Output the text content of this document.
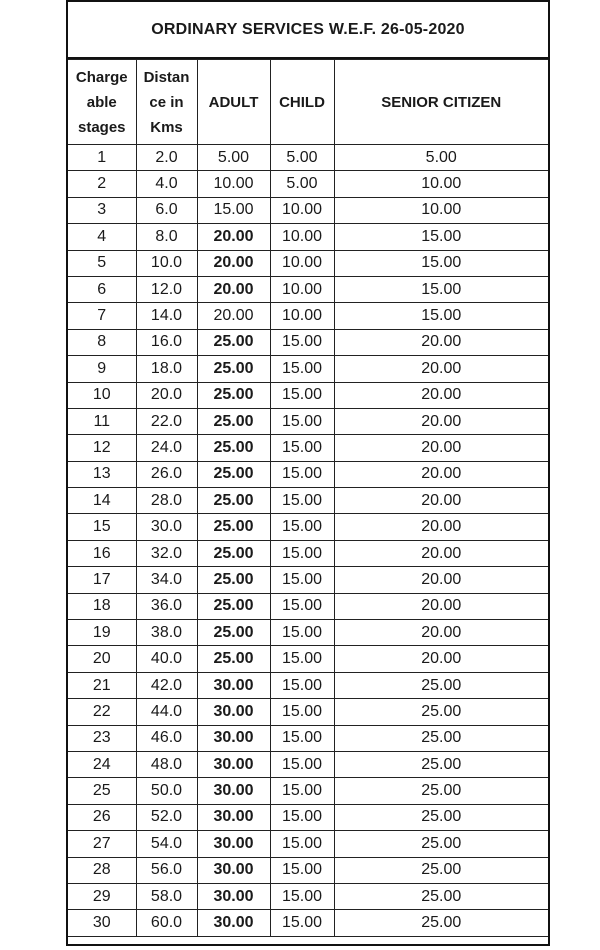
ORDINARY SERVICES W.E.F. 26-05-2020
Charge
able
stages	Distan
ce in
Kms	ADULT	CHILD	SENIOR CITIZEN
1	2.0	5.00	5.00	5.00
2	4.0	10.00	5.00	10.00
3	6.0	15.00	10.00	10.00
4	8.0	20.00	10.00	15.00
5	10.0	20.00	10.00	15.00
6	12.0	20.00	10.00	15.00
7	14.0	20.00	10.00	15.00
8	16.0	25.00	15.00	20.00
9	18.0	25.00	15.00	20.00
10	20.0	25.00	15.00	20.00
11	22.0	25.00	15.00	20.00
12	24.0	25.00	15.00	20.00
13	26.0	25.00	15.00	20.00
14	28.0	25.00	15.00	20.00
15	30.0	25.00	15.00	20.00
16	32.0	25.00	15.00	20.00
17	34.0	25.00	15.00	20.00
18	36.0	25.00	15.00	20.00
19	38.0	25.00	15.00	20.00
20	40.0	25.00	15.00	20.00
21	42.0	30.00	15.00	25.00
22	44.0	30.00	15.00	25.00
23	46.0	30.00	15.00	25.00
24	48.0	30.00	15.00	25.00
25	50.0	30.00	15.00	25.00
26	52.0	30.00	15.00	25.00
27	54.0	30.00	15.00	25.00
28	56.0	30.00	15.00	25.00
29	58.0	30.00	15.00	25.00
30	60.0	30.00	15.00	25.00
